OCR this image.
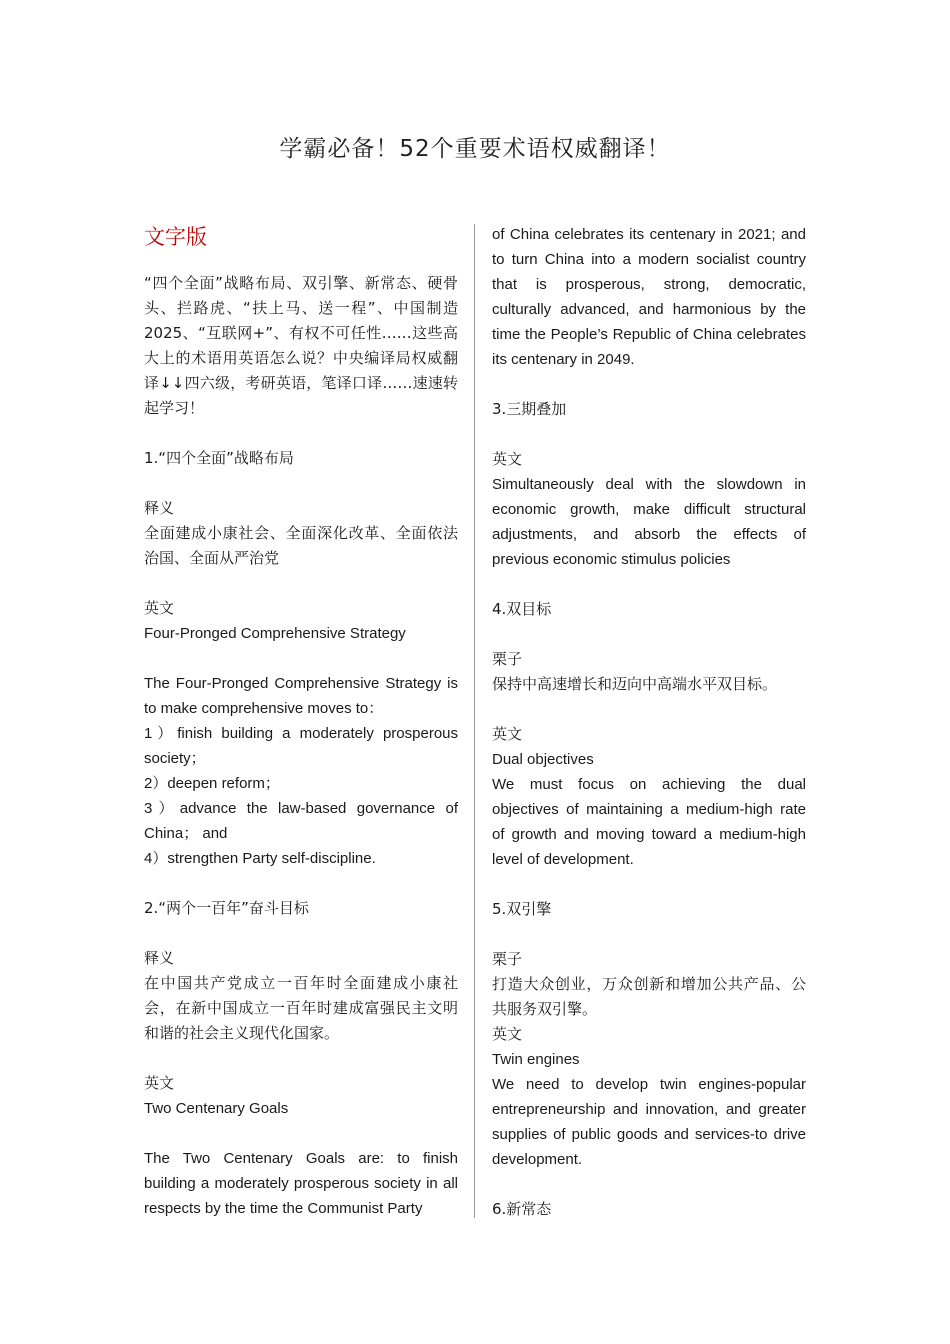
学霸必备！52个重要术语权威翻译！
文字版

“四个全面”战略布局、双引擎、新常态、硬骨头、拦路虎、“扶上马、送一程”、中国制造2025、“互联网+”、有权不可任性……这些高大上的术语用英语怎么说？中央编译局权威翻译↓↓四六级，考研英语，笔译口译……速速转起学习！

1.“四个全面”战略布局

释义

全面建成小康社会、全面深化改革、全面依法治国、全面从严治党

英文

Four-Pronged Comprehensive Strategy

The Four-Pronged Comprehensive Strategy is to make comprehensive moves to：

1）finish building a moderately prosperous society；

2）deepen reform；

3）advance the law-based governance of China； and

4）strengthen Party self-discipline.

2.“两个一百年”奋斗目标

释义

在中国共产党成立一百年时全面建成小康社会，在新中国成立一百年时建成富强民主文明和谐的社会主义现代化国家。

英文

Two Centenary Goals

The Two Centenary Goals are: to finish building a moderately prosperous society in all respects by the time the Communist Party

of China celebrates its centenary in 2021; and to turn China into a modern socialist country that is prosperous, strong, democratic, culturally advanced, and harmonious by the time the People’s Republic of China celebrates its centenary in 2049.

3.三期叠加

英文

Simultaneously deal with the slowdown in economic growth, make difficult structural adjustments, and absorb the effects of previous economic stimulus policies

4.双目标

栗子

保持中高速增长和迈向中高端水平双目标。

英文

Dual objectives

We must focus on achieving the dual objectives of maintaining a medium-high rate of growth and moving toward a medium-high level of development.

5.双引擎

栗子

打造大众创业，万众创新和增加公共产品、公共服务双引擎。

英文

Twin engines

We need to develop twin engines-popular entrepreneurship and innovation, and greater supplies of public goods and services-to drive development.

6.新常态
